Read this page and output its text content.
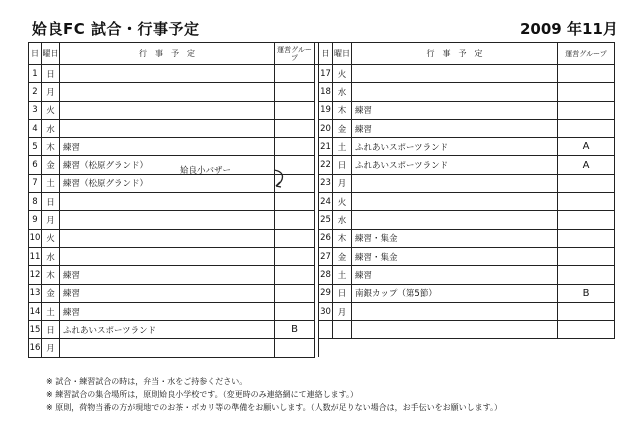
姶良FC 試合・行事予定	2009 年11月
日	曜日	行　事　予　定	運営グループ		日	曜日	行　事　予　定	運営グループ
1	日				17	火		
2	月				18	水		
3	火				19	木	練習	
4	水				20	金	練習	
5	木	練習			21	土	ふれあいスポーツランド	A
6	金	練習（松原グランド）			22	日	ふれあいスポーツランド	A
7	土	練習（松原グランド）			23	月		
8	日				24	火		
9	月				25	水		
10	火				26	木	練習・集金	
11	水				27	金	練習・集金	
12	木	練習			28	土	練習	
13	金	練習			29	日	南銀カップ（第5節）	B
14	土	練習			30	月		
15	日	ふれあいスポーツランド	B					
16	月							
姶良小バザー
※ 試合・練習試合の時は，弁当・水をご持参ください。
※ 練習試合の集合場所は，原則姶良小学校です。（変更時のみ連絡網にて連絡します。）
※ 原則，荷物当番の方が現地でのお茶・ポカリ等の準備をお願いします。（人数が足りない場合は，お手伝いをお願いします。）
